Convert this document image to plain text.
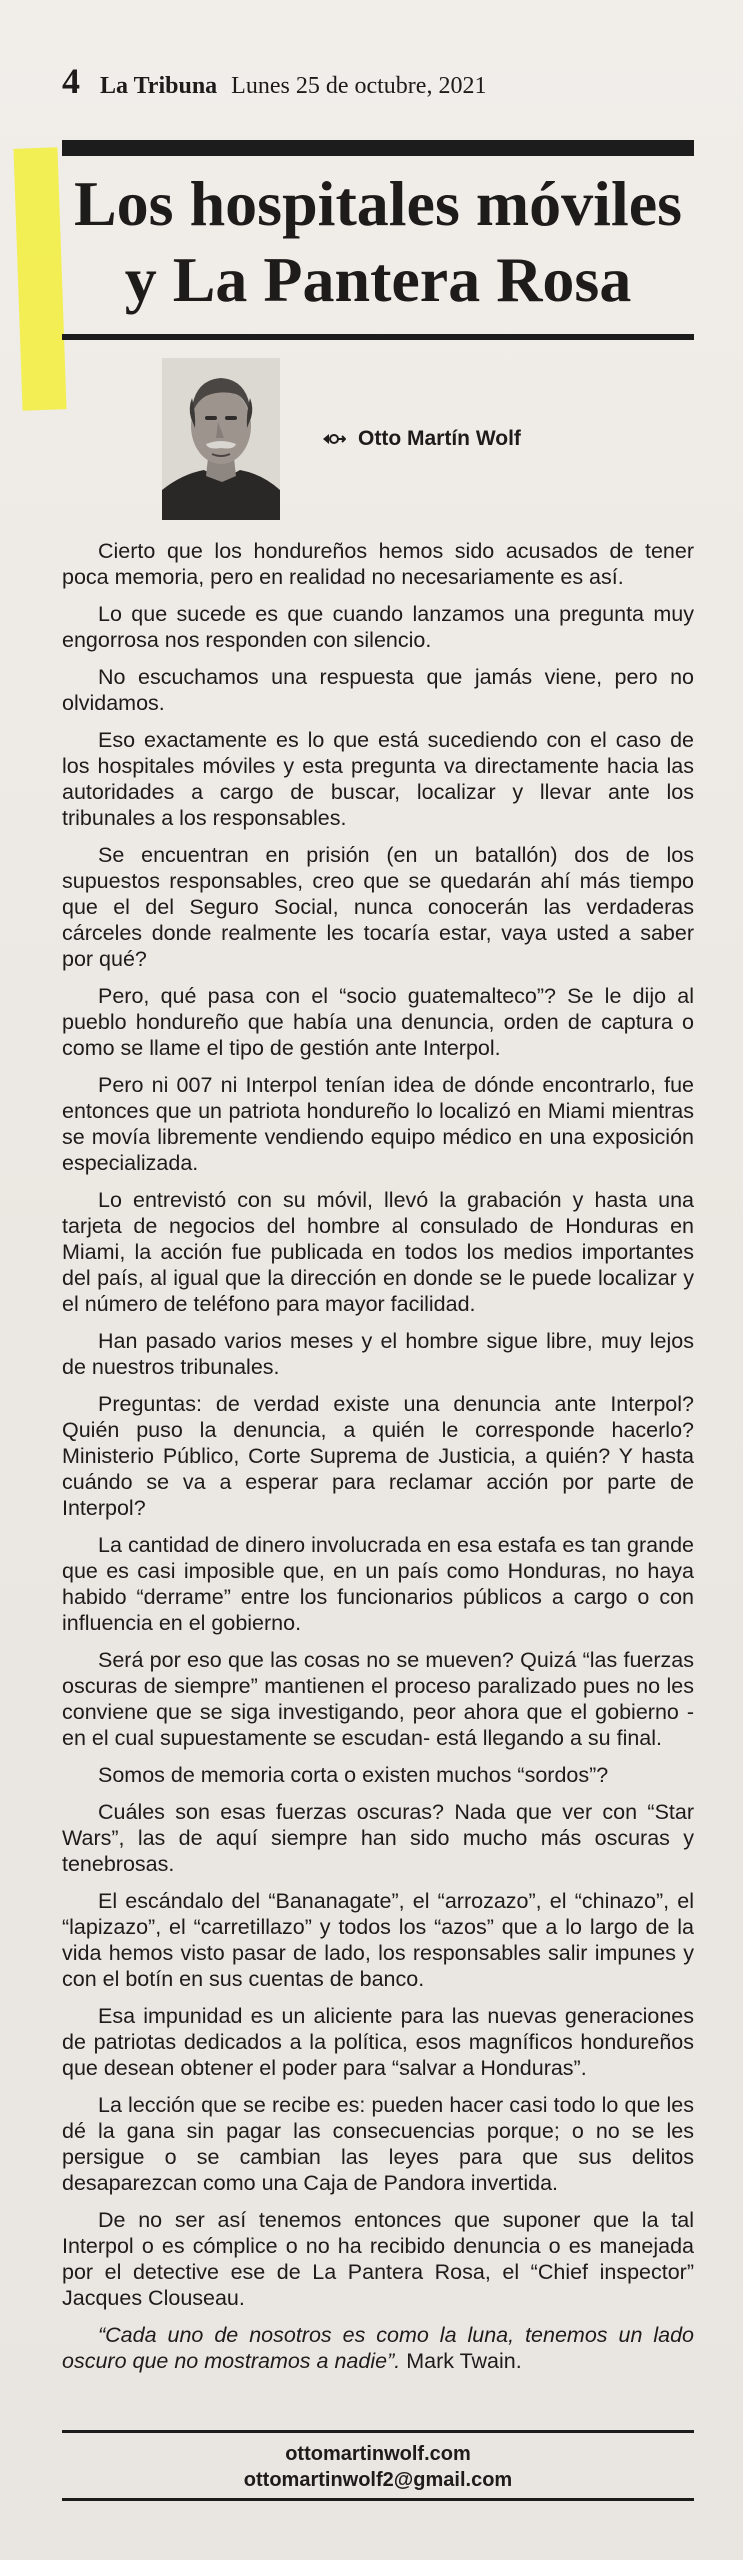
4 La Tribuna Lunes 25 de octubre, 2021
Los hospitales móviles
y La Pantera Rosa
Otto Martín Wolf

Cierto que los hondureños hemos sido acusados de tener poca memoria, pero en realidad no necesariamente es así.

Lo que sucede es que cuando lanzamos una pregunta muy engorrosa nos responden con silencio.

No escuchamos una respuesta que jamás viene, pero no olvidamos.

Eso exactamente es lo que está sucediendo con el caso de los hospitales móviles y esta pregunta va directamente hacia las autoridades a cargo de buscar, localizar y llevar ante los tribunales a los responsables.

Se encuentran en prisión (en un batallón) dos de los supuestos responsables, creo que se quedarán ahí más tiempo que el del Seguro Social, nunca conocerán las verdaderas cárceles donde realmente les tocaría estar, vaya usted a saber por qué?

Pero, qué pasa con el “socio guatemalteco”? Se le dijo al pueblo hondureño que había una denuncia, orden de captura o como se llame el tipo de gestión ante Interpol.

Pero ni 007 ni Interpol tenían idea de dónde encontrarlo, fue entonces que un patriota hondureño lo localizó en Miami mientras se movía libremente vendiendo equipo médico en una exposición especializada.

Lo entrevistó con su móvil, llevó la grabación y hasta una tarjeta de negocios del hombre al consulado de Honduras en Miami, la acción fue publicada en todos los medios importantes del país, al igual que la dirección en donde se le puede localizar y el número de teléfono para mayor facilidad.

Han pasado varios meses y el hombre sigue libre, muy lejos de nuestros tribunales.

Preguntas: de verdad existe una denuncia ante Interpol? Quién puso la denuncia, a quién le corresponde hacerlo? Ministerio Público, Corte Suprema de Justicia, a quién? Y hasta cuándo se va a esperar para reclamar acción por parte de Interpol?

La cantidad de dinero involucrada en esa estafa es tan grande que es casi imposible que, en un país como Honduras, no haya habido “derrame” entre los funcionarios públicos a cargo o con influencia en el gobierno.

Será por eso que las cosas no se mueven? Quizá “las fuerzas oscuras de siempre” mantienen el proceso paralizado pues no les conviene que se siga investigando, peor ahora que el gobierno -en el cual supuestamente se escudan- está llegando a su final.

Somos de memoria corta o existen muchos “sordos”?

Cuáles son esas fuerzas oscuras? Nada que ver con “Star Wars”, las de aquí siempre han sido mucho más oscuras y tenebrosas.

El escándalo del “Bananagate”, el “arrozazo”, el “chinazo”, el “lapizazo”, el “carretillazo” y todos los “azos” que a lo largo de la vida hemos visto pasar de lado, los responsables salir impunes y con el botín en sus cuentas de banco.

Esa impunidad es un aliciente para las nuevas generaciones de patriotas dedicados a la política, esos magníficos hondureños que desean obtener el poder para “salvar a Honduras”.

La lección que se recibe es: pueden hacer casi todo lo que les dé la gana sin pagar las consecuencias porque; o no se les persigue o se cambian las leyes para que sus delitos desaparezcan como una Caja de Pandora invertida.

De no ser así tenemos entonces que suponer que la tal Interpol o es cómplice o no ha recibido denuncia o es manejada por el detective ese de La Pantera Rosa, el “Chief inspector” Jacques Clouseau.

“Cada uno de nosotros es como la luna, tenemos un lado oscuro que no mostramos a nadie”. Mark Twain.

ottomartinwolf.com
ottomartinwolf2@gmail.com
